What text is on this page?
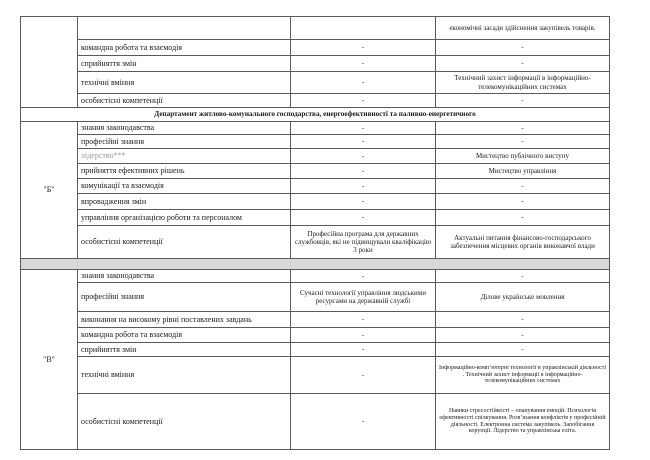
			економічні засади здійснення закупівель товарів.
	командна робота та взаємодія	-	-
	сприйняття змін	-	-
	технічні вміння	-	Технічний захист інформації в інформаційно-телекомунікаційних системах
	особистісні компетенції	-	-
Департамент житлово-комунального господарства, енергоефективності та паливно-енергетичного			
"Б"	знання законодавства	-	-
	професійні знання	-	-
	лідерство***	-	Мистецтво публічного виступу
	прийняття ефективних рішень	-	Мистецтво управління
	комунікації та взаємодія	-	-
	впровадження змін	-	-
	управління організацією роботи та персоналом	-	-
	особистісні компетенції	Професійна програма для державних службовців, які не підвищували кваліфікацію 3 роки	Актуальні питання фінансово-господарського забезпечення місцевих органів виконавчої влади

"В"	знання законодавства	-	-
	професійні знання	Сучасні технології управління людськими ресурсами на державній службі	Ділове українське мовлення
	виконання на високому рівні поставлених завдань	-	-
	командна робота та взаємодія	-	-
	сприйняття змін	-	-
	технічні вміння	-	Інформаційно-комп’ютерні технології в управлінській діяльності . Технічний захист інформації в інформаційно-телекомунікаційних системах
	особистісні компетенції	-	Навики стресостійкості – опанування емоцій. Психологія ефективності спілкування. Розв’язання конфліктів у професійній діяльності. Електронна система закупівель. Запобігання корупції. Лідерство та управлінська еліта.
